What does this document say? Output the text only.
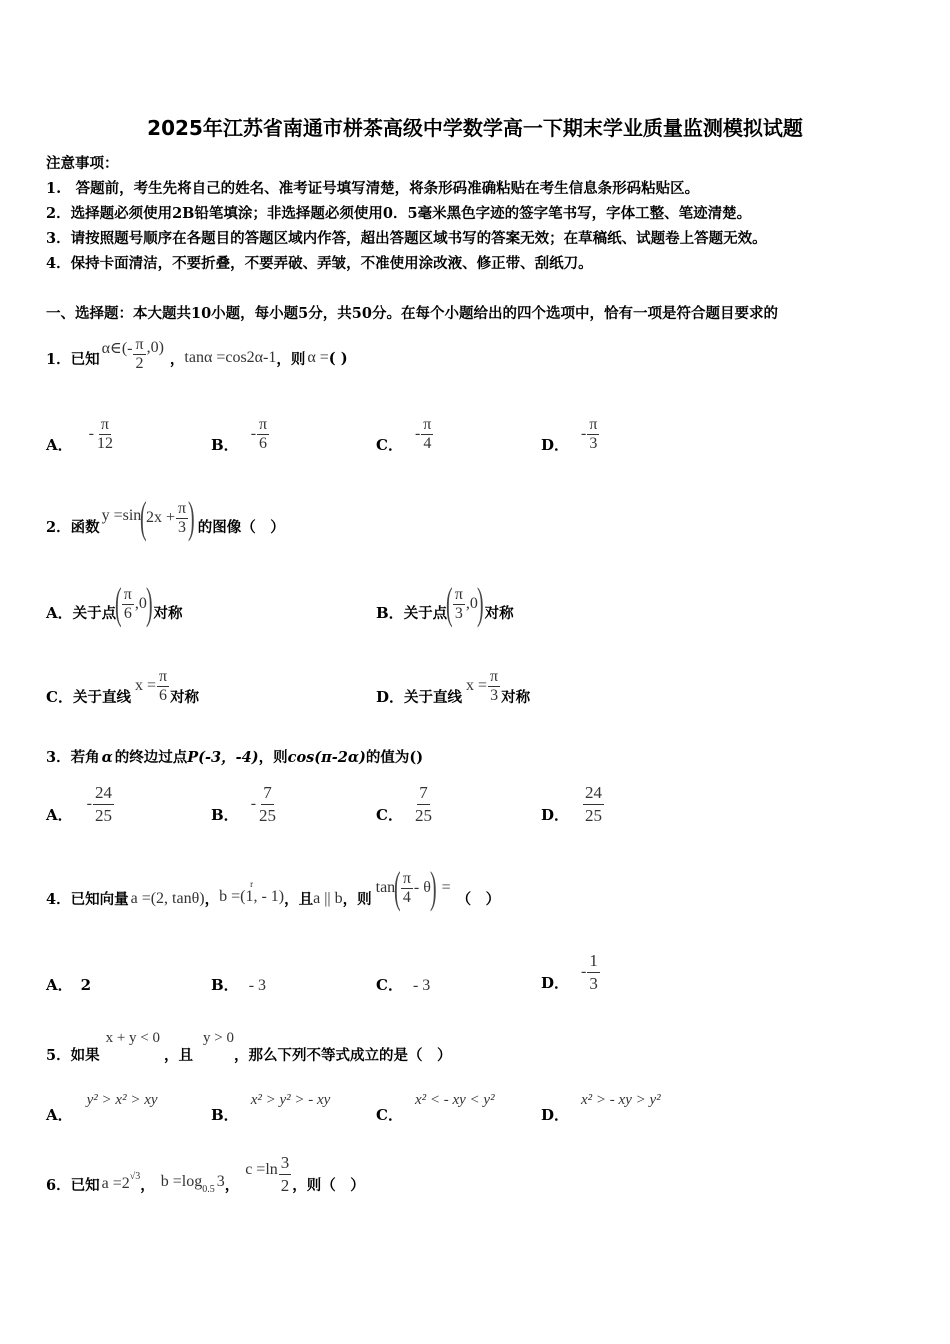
2025年江苏省南通市栟茶高级中学数学高一下期末学业质量监测模拟试题
注意事项：
1.　答题前，考生先将自己的姓名、准考证号填写清楚，将条形码准确粘贴在考生信息条形码粘贴区。
2．选择题必须使用2B铅笔填涂；非选择题必须使用0．5毫米黑色字迹的签字笔书写，字体工整、笔迹清楚。
3．请按照题号顺序在各题目的答题区域内作答，超出答题区域书写的答案无效；在草稿纸、试题卷上答题无效。
4．保持卡面清洁，不要折叠，不要弄破、弄皱，不准使用涂改液、修正带、刮纸刀。
一、选择题：本大题共10小题，每小题5分，共50分。在每个小题给出的四个选项中，恰有一项是符合题目要求的
1．已知
α∈(- $\frac{\pi}{2} ,0$)
， tanα =cos2α-1 ，则 α = ( )
A．
- $\frac{\pi}{12}$	B．
- $\frac{\pi}{6}$	C．
- $\frac{\pi}{4}$	D．
- $\frac{\pi}{3}$
2．函数
y =sin ( $2x + \frac{\pi}{3}$ ) 的图像（　）
A． 关于点 ( $\frac{\pi}{6} ,0$ ) 对称	B． 关于点 ( $\frac{\pi}{3} ,0$ ) 对称
C． 关于直线
$x = \frac{\pi}{6}$ 对称	D． 关于直线
$x = \frac{\pi}{3}$ 对称
3．若角 α 的终边过点 P(-3，-4) ，则 cos(π-2α) 的值为()
A．
- $\frac{24}{25}$	B．
- $\frac{7}{25}$	C． $\frac{7}{25}$	D． $\frac{24}{25}$
4．已知向量 a =(2, tanθ) ，
r
b =(1, - 1) ，且 a || b ，则
tan ( $\frac{\pi}{4}$ - θ ) =
（　）
A． 2	B． - 3	C． - 3	D．
- $\frac{1}{3}$
5．如果
x + y < 0
，且
y > 0
，那么下列不等式成立的是（　）
A．
y² > x² > xy
B．
x² > y² > - xy
C．
x² < - xy < y²
D．
x² > - xy > y²
6．已知 a =2 √3
， b =log 0.5 3 ，
$c =\ln \frac{3}{2}$ ，则（　）
